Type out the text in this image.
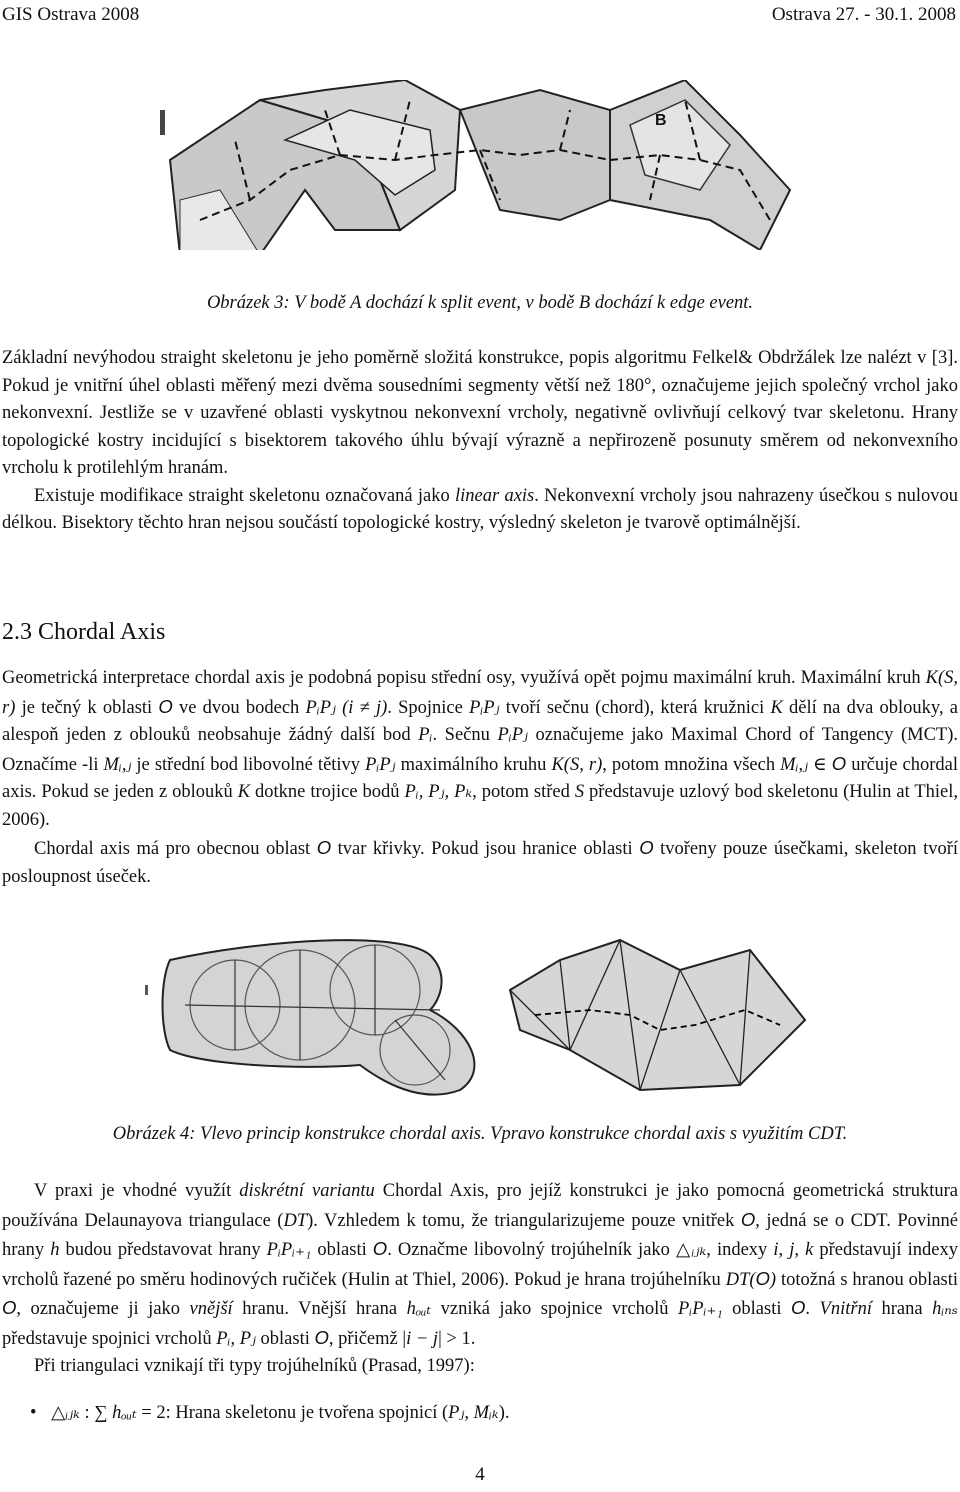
GIS Ostrava 2008	Ostrava 27. - 30.1. 2008
B
Obrázek 3: V bodě A dochází k split event, v bodě B dochází k edge event.

Základní nevýhodou straight skeletonu je jeho poměrně složitá konstrukce, popis algoritmu Felkel& Obdržálek lze nalézt v [3]. Pokud je vnitřní úhel oblasti měřený mezi dvěma sousedními segmenty větší než 180°, označujeme jejich společný vrchol jako nekonvexní. Jestliže se v uzavřené oblasti vyskytnou nekonvexní vrcholy, negativně ovlivňují celkový tvar skeletonu. Hrany topologické kostry incidující s bisektorem takového úhlu bývají výrazně a nepřirozeně posunuty směrem od nekonvexního vrcholu k protilehlým hranám.

Existuje modifikace straight skeletonu označovaná jako linear axis. Nekonvexní vrcholy jsou nahrazeny úsečkou s nulovou délkou. Bisektory těchto hran nejsou součástí topologické kostry, výsledný skeleton je tvarově optimálnější.

2.3 Chordal Axis

Geometrická interpretace chordal axis je podobná popisu střední osy, využívá opět pojmu maximální kruh. Maximální kruh K(S, r) je tečný k oblasti O ve dvou bodech PᵢPⱼ (i ≠ j). Spojnice PᵢPⱼ tvoří sečnu (chord), která kružnici K dělí na dva oblouky, a alespoň jeden z oblouků neobsahuje žádný další bod Pᵢ. Sečnu PᵢPⱼ označujeme jako Maximal Chord of Tangency (MCT). Označíme -li Mᵢ,ⱼ je střední bod libovolné tětivy PᵢPⱼ maximálního kruhu K(S, r), potom množina všech Mᵢ,ⱼ ∈ O určuje chordal axis. Pokud se jeden z oblouků K dotkne trojice bodů Pᵢ, Pⱼ, Pₖ, potom střed S představuje uzlový bod skeletonu (Hulin at Thiel, 2006).

Chordal axis má pro obecnou oblast O tvar křivky. Pokud jsou hranice oblasti O tvořeny pouze úsečkami, skeleton tvoří posloupnost úseček.

Obrázek 4: Vlevo princip konstrukce chordal axis. Vpravo konstrukce chordal axis s využitím CDT.

V praxi je vhodné využít diskrétní variantu Chordal Axis, pro jejíž konstrukci je jako pomocná geometrická struktura používána Delaunayova triangulace (DT). Vzhledem k tomu, že triangularizujeme pouze vnitřek O, jedná se o CDT. Povinné hrany h budou představovat hrany PᵢPᵢ₊₁ oblasti O. Označme libovolný trojúhelník jako △ᵢⱼₖ, indexy i, j, k představují indexy vrcholů řazené po směru hodinových ručiček (Hulin at Thiel, 2006). Pokud je hrana trojúhelníku DT(O) totožná s hranou oblasti O, označujeme ji jako vnější hranu. Vnější hrana hₒᵤₜ vzniká jako spojnice vrcholů PᵢPᵢ₊₁ oblasti O. Vnitřní hrana hᵢₙₛ představuje spojnici vrcholů Pᵢ, Pⱼ oblasti O, přičemž |i − j| > 1.

Při triangulaci vznikají tři typy trojúhelníků (Prasad, 1997):

• △ᵢⱼₖ : ∑ hₒᵤₜ = 2: Hrana skeletonu je tvořena spojnicí (Pⱼ, Mᵢₖ).
4
